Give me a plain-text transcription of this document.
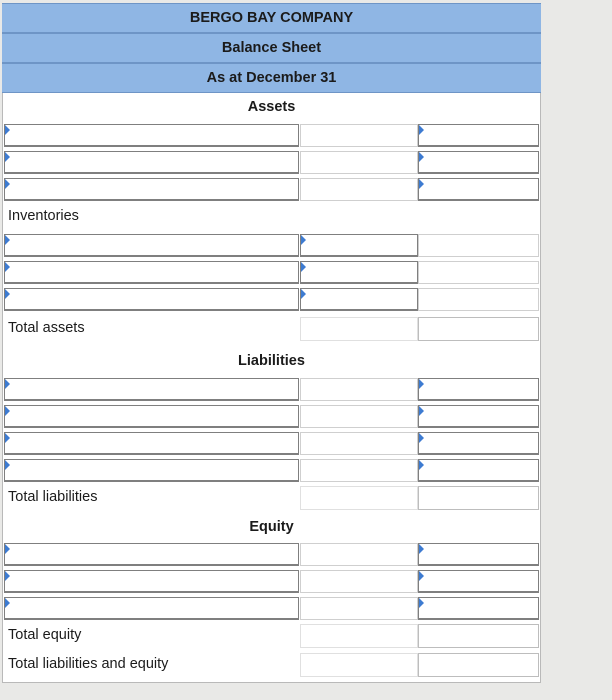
BERGO BAY COMPANY
Balance Sheet
As at December 31
Assets
Inventories
Total assets
Liabilities
Total liabilities
Equity
Total equity
Total liabilities and equity
